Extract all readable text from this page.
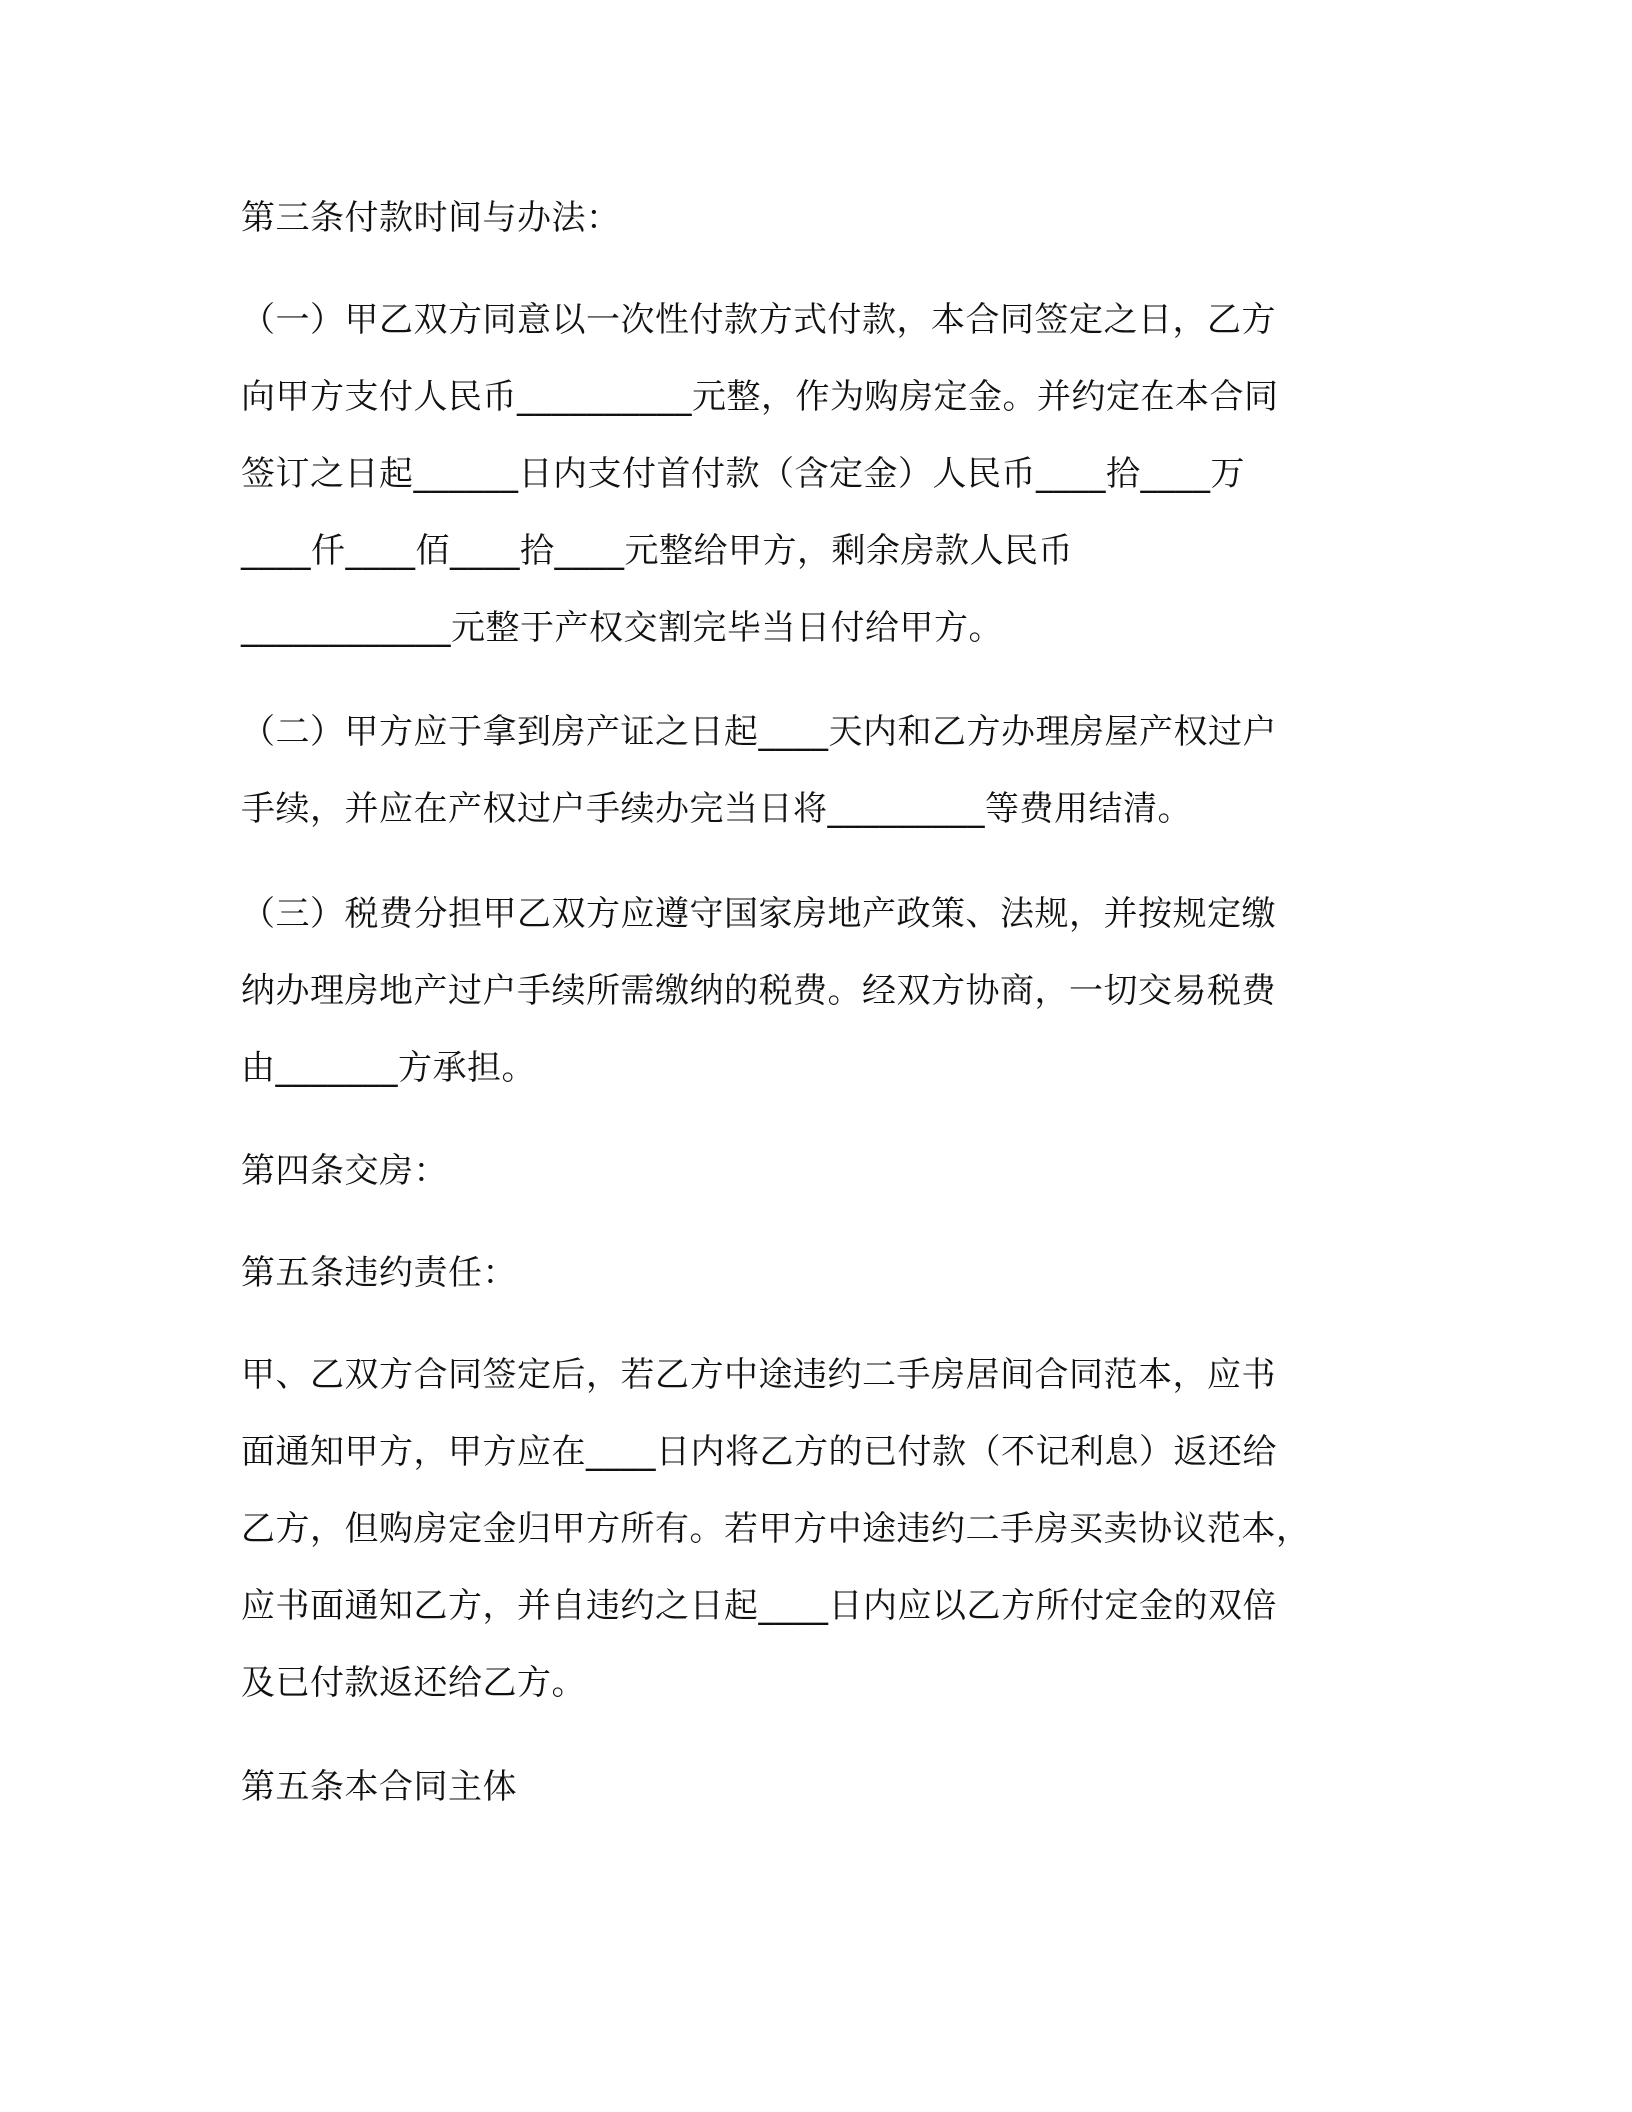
第三条付款时间与办法：

（一）甲乙双方同意以一次性付款方式付款，本合同签定之日，乙方
向甲方支付人民币__________元整，作为购房定金。并约定在本合同
签订之日起______日内支付首付款（含定金）人民币____拾____万
____仟____佰____拾____元整给甲方，剩余房款人民币
____________元整于产权交割完毕当日付给甲方。

（二）甲方应于拿到房产证之日起____天内和乙方办理房屋产权过户
手续，并应在产权过户手续办完当日将_________等费用结清。

（三）税费分担甲乙双方应遵守国家房地产政策、法规，并按规定缴
纳办理房地产过户手续所需缴纳的税费。经双方协商，一切交易税费
由_______方承担。

第四条交房：

第五条违约责任：

甲、乙双方合同签定后，若乙方中途违约二手房居间合同范本，应书
面通知甲方，甲方应在____日内将乙方的已付款（不记利息）返还给
乙方，但购房定金归甲方所有。若甲方中途违约二手房买卖协议范本，
应书面通知乙方，并自违约之日起____日内应以乙方所付定金的双倍
及已付款返还给乙方。

第五条本合同主体
